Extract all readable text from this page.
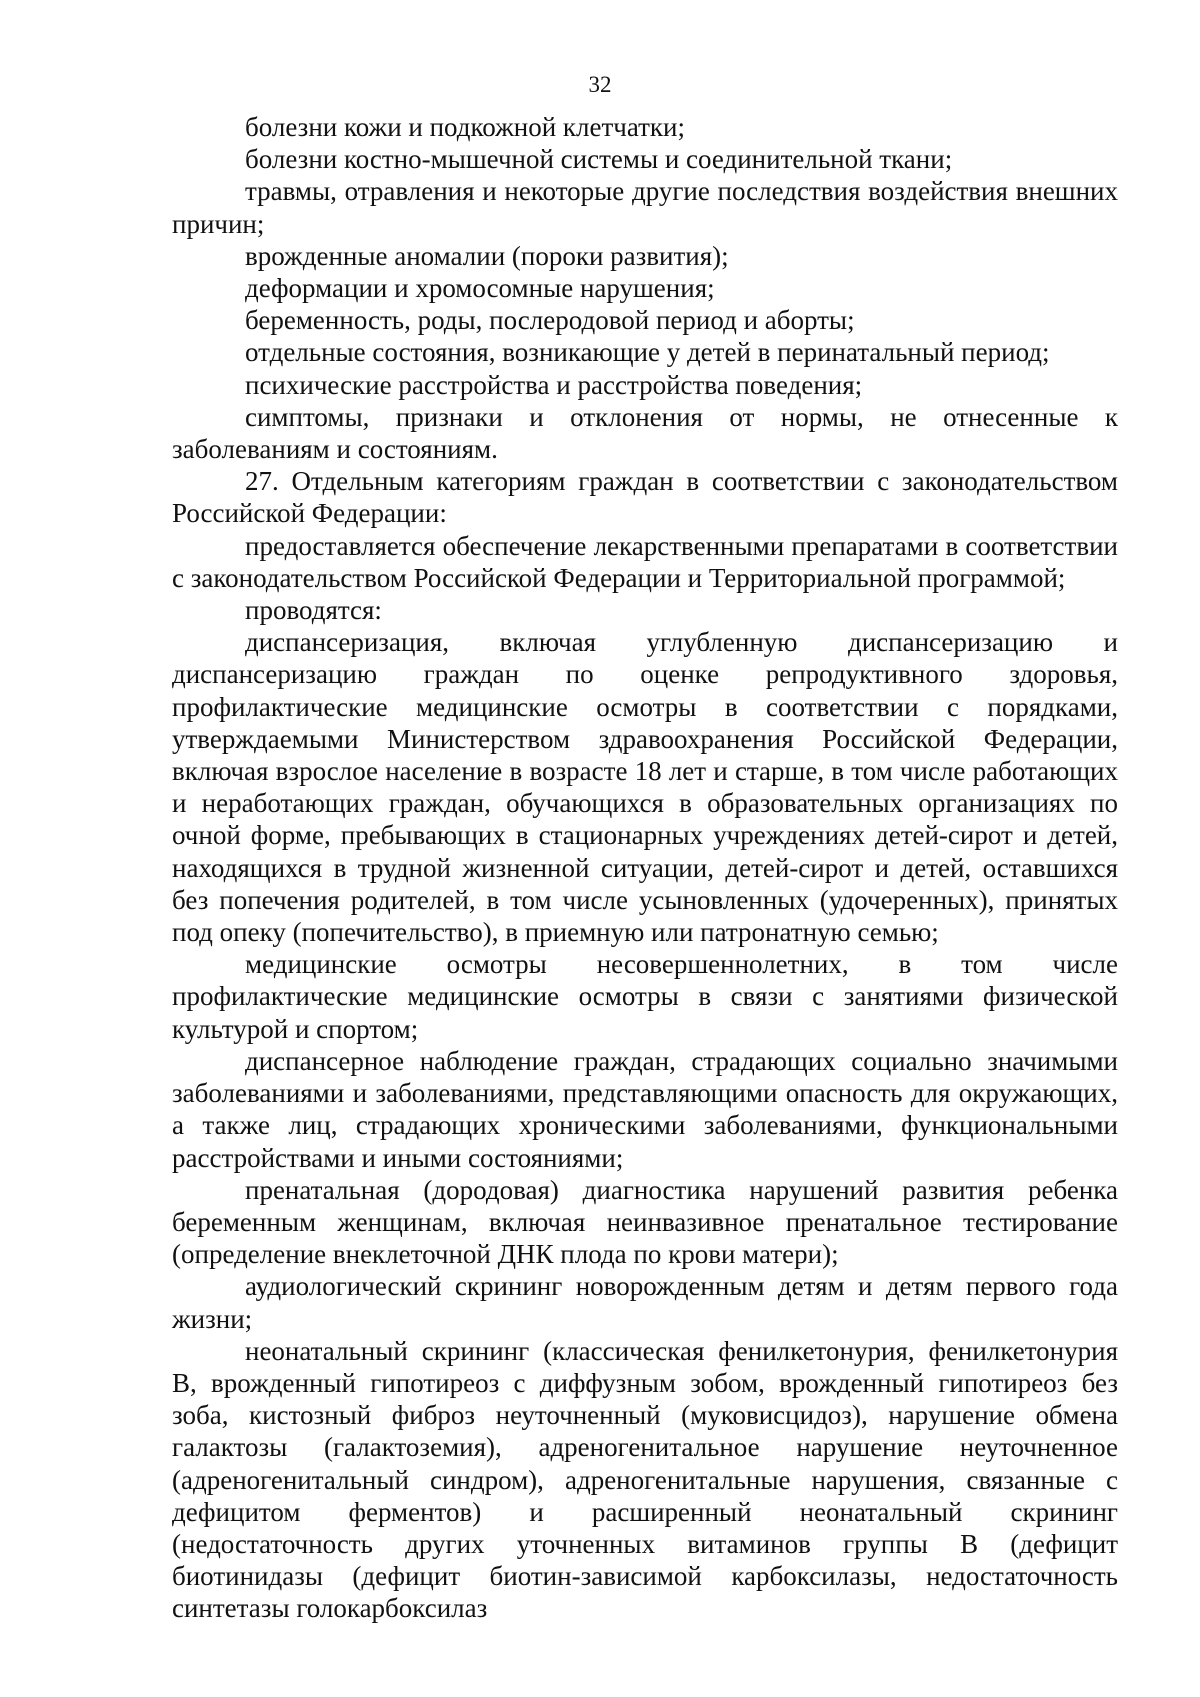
32

болезни кожи и подкожной клетчатки;

болезни костно-мышечной системы и соединительной ткани;

травмы, отравления и некоторые другие последствия воздействия внешних причин;

врожденные аномалии (пороки развития);

деформации и хромосомные нарушения;

беременность, роды, послеродовой период и аборты;

отдельные состояния, возникающие у детей в перинатальный период;

психические расстройства и расстройства поведения;

симптомы, признаки и отклонения от нормы, не отнесенные к заболеваниям и состояниям.

27. Отдельным категориям граждан в соответствии с законодательством Российской Федерации:

предоставляется обеспечение лекарственными препаратами в соответствии с законодательством Российской Федерации и Территориальной программой;

проводятся:

диспансеризация, включая углубленную диспансеризацию и диспансеризацию граждан по оценке репродуктивного здоровья, профилактические медицинские осмотры в соответствии с порядками, утверждаемыми Министерством здравоохранения Российской Федерации, включая взрослое население в возрасте 18 лет и старше, в том числе работающих и неработающих граждан, обучающихся в образовательных организациях по очной форме, пребывающих в стационарных учреждениях детей-сирот и детей, находящихся в трудной жизненной ситуации, детей-сирот и детей, оставшихся без попечения родителей, в том числе усыновленных (удочеренных), принятых под опеку (попечительство), в приемную или патронатную семью;

медицинские осмотры несовершеннолетних, в том числе профилактические медицинские осмотры в связи с занятиями физической культурой и спортом;

диспансерное наблюдение граждан, страдающих социально значимыми заболеваниями и заболеваниями, представляющими опасность для окружающих, а также лиц, страдающих хроническими заболеваниями, функциональными расстройствами и иными состояниями;

пренатальная (дородовая) диагностика нарушений развития ребенка беременным женщинам, включая неинвазивное пренатальное тестирование (определение внеклеточной ДНК плода по крови матери);

аудиологический скрининг новорожденным детям и детям первого года жизни;

неонатальный скрининг (классическая фенилкетонурия, фенилкетонурия B, врожденный гипотиреоз с диффузным зобом, врожденный гипотиреоз без зоба, кистозный фиброз неуточненный (муковисцидоз), нарушение обмена галактозы (галактоземия), адреногенитальное нарушение неуточненное (адреногенитальный синдром), адреногенитальные нарушения, связанные с дефицитом ферментов) и расширенный неонатальный скрининг (недостаточность других уточненных витаминов группы B (дефицит биотинидазы (дефицит биотин-зависимой карбоксилазы, недостаточность синтетазы голокарбоксилаз
